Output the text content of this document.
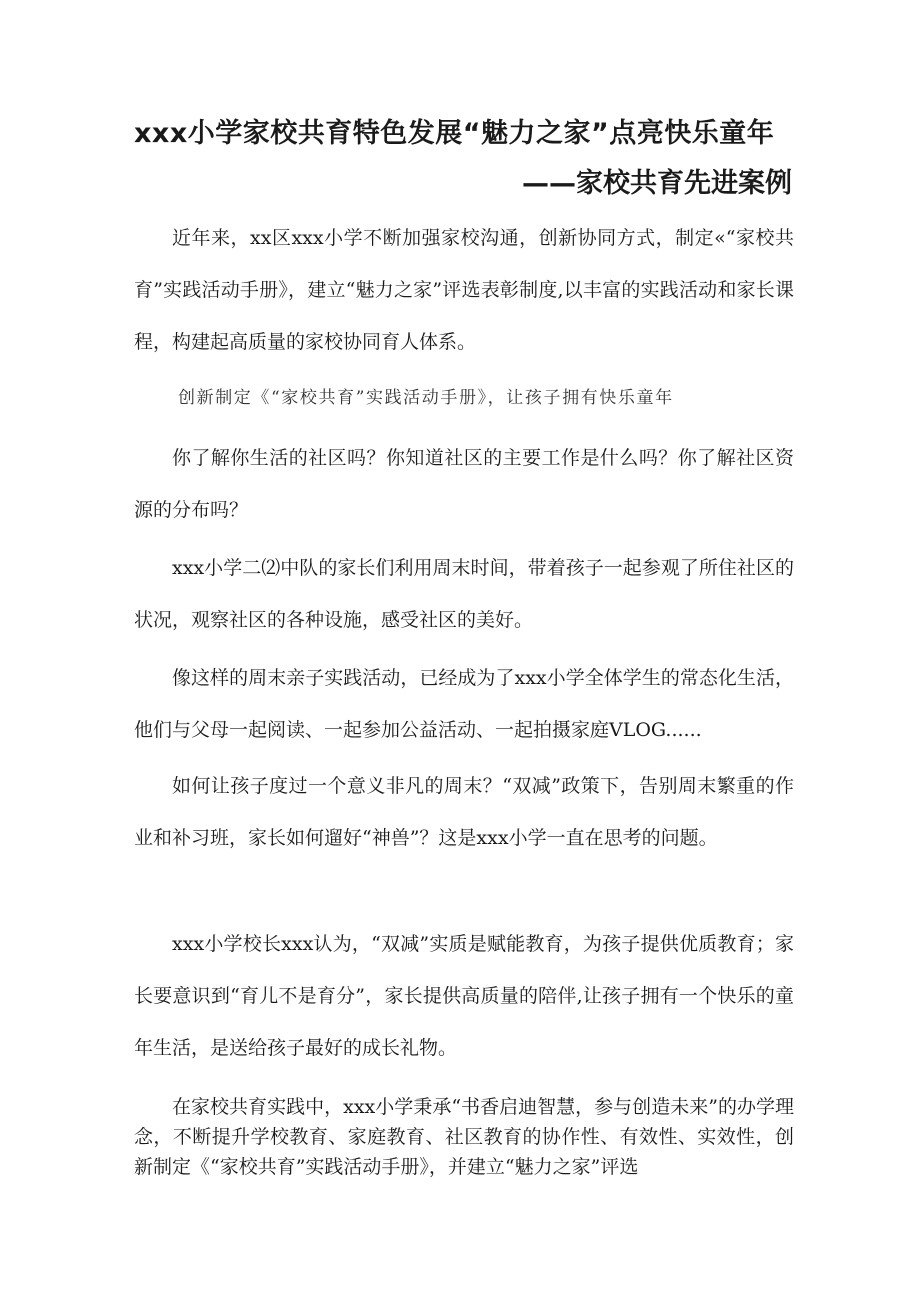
xxx小学家校共育特色发展“魅力之家”点亮快乐童年
——家校共育先进案例

近年来，xx区xxx小学不断加强家校沟通，创新协同方式，制定«“家校共育”实践活动手册》，建立“魅力之家”评选表彰制度,以丰富的实践活动和家长课程，构建起高质量的家校协同育人体系。

创新制定《“家校共育”实践活动手册》，让孩子拥有快乐童年

你了解你生活的社区吗？你知道社区的主要工作是什么吗？你了解社区资源的分布吗？

xxx小学二⑵中队的家长们利用周末时间，带着孩子一起参观了所住社区的状况，观察社区的各种设施，感受社区的美好。

像这样的周末亲子实践活动，已经成为了xxx小学全体学生的常态化生活，他们与父母一起阅读、一起参加公益活动、一起拍摄家庭VLOG......

如何让孩子度过一个意义非凡的周末？“双减”政策下，告别周末繁重的作业和补习班，家长如何遛好“神兽”？这是xxx小学一直在思考的问题。

xxx小学校长xxx认为，“双减”实质是赋能教育，为孩子提供优质教育；家长要意识到“育儿不是育分”，家长提供高质量的陪伴,让孩子拥有一个快乐的童年生活，是送给孩子最好的成长礼物。

在家校共育实践中，xxx小学秉承“书香启迪智慧，参与创造未来”的办学理念，不断提升学校教育、家庭教育、社区教育的协作性、有效性、实效性，创新制定《“家校共育”实践活动手册》，并建立“魅力之家”评选
